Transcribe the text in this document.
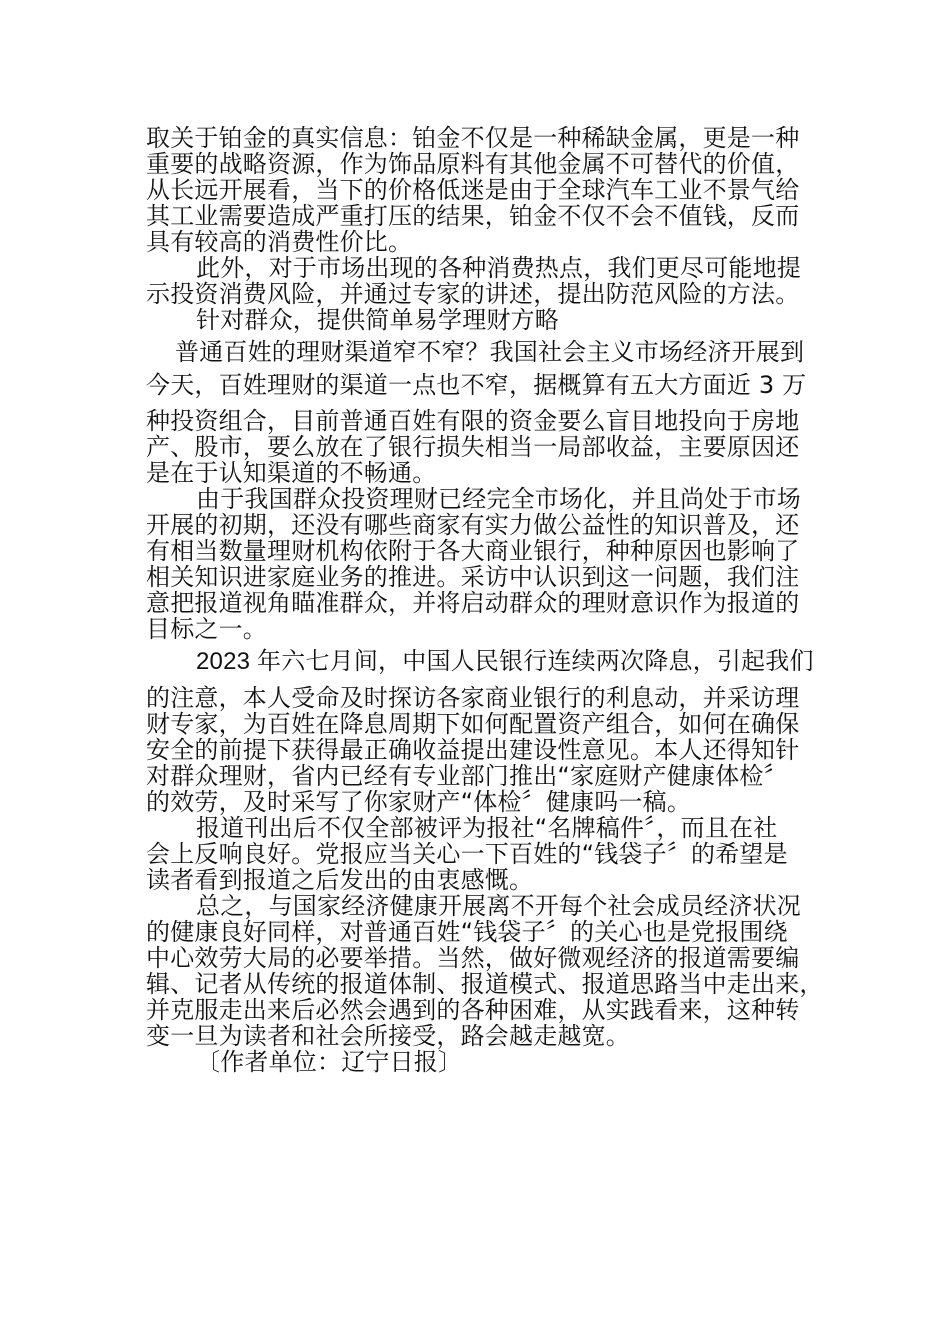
取关于铂金的真实信息：铂金不仅是一种稀缺金属，更是一种
重要的战略资源，作为饰品原料有其他金属不可替代的价值，
从长远开展看，当下的价格低迷是由于全球汽车工业不景气给
其工业需要造成严重打压的结果，铂金不仅不会不值钱，反而
具有较高的消费性价比。
此外，对于市场出现的各种消费热点，我们更尽可能地提
示投资消费风险，并通过专家的讲述，提出防范风险的方法。
针对群众，提供简单易学理财方略
普通百姓的理财渠道窄不窄？我国社会主义市场经济开展到
今天，百姓理财的渠道一点也不窄，据概算有五大方面近 3 万
种投资组合，目前普通百姓有限的资金要么盲目地投向于房地
产、股市，要么放在了银行损失相当一局部收益，主要原因还
是在于认知渠道的不畅通。
由于我国群众投资理财已经完全市场化，并且尚处于市场
开展的初期，还没有哪些商家有实力做公益性的知识普及，还
有相当数量理财机构依附于各大商业银行，种种原因也影响了
相关知识进家庭业务的推进。采访中认识到这一问题，我们注
意把报道视角瞄准群众，并将启动群众的理财意识作为报道的
目标之一。
2023 年六七月间，中国人民银行连续两次降息，引起我们
的注意，本人受命及时探访各家商业银行的利息动，并采访理
财专家，为百姓在降息周期下如何配置资产组合，如何在确保
安全的前提下获得最正确收益提出建设性意见。本人还得知针
对群众理财，省内已经有专业部门推出“家庭财产健康体检〞
的效劳，及时采写了你家财产“体检〞健康吗一稿。
报道刊出后不仅全部被评为报社“名牌稿件〞，而且在社
会上反响良好。党报应当关心一下百姓的“钱袋子〞的希望是
读者看到报道之后发出的由衷感慨。
总之，与国家经济健康开展离不开每个社会成员经济状况
的健康良好同样，对普通百姓“钱袋子〞的关心也是党报围绕
中心效劳大局的必要举措。当然，做好微观经济的报道需要编
辑、记者从传统的报道体制、报道模式、报道思路当中走出来，
并克服走出来后必然会遇到的各种困难，从实践看来，这种转
变一旦为读者和社会所接受，路会越走越宽。
〔作者单位：辽宁日报〕
